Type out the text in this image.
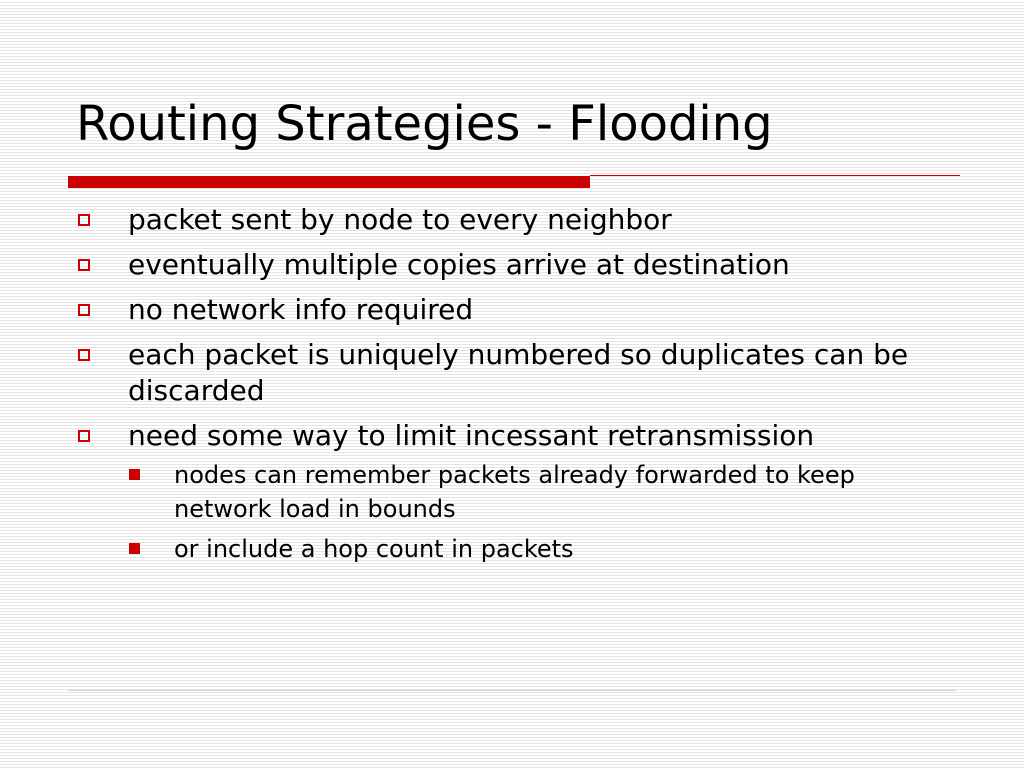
Routing Strategies - Flooding
packet sent by node to every neighbor
eventually multiple copies arrive at destination
no network info required
each packet is uniquely numbered so duplicates can be discarded
need some way to limit incessant retransmission
nodes can remember packets already forwarded to keep network load in bounds
or include a hop count in packets
